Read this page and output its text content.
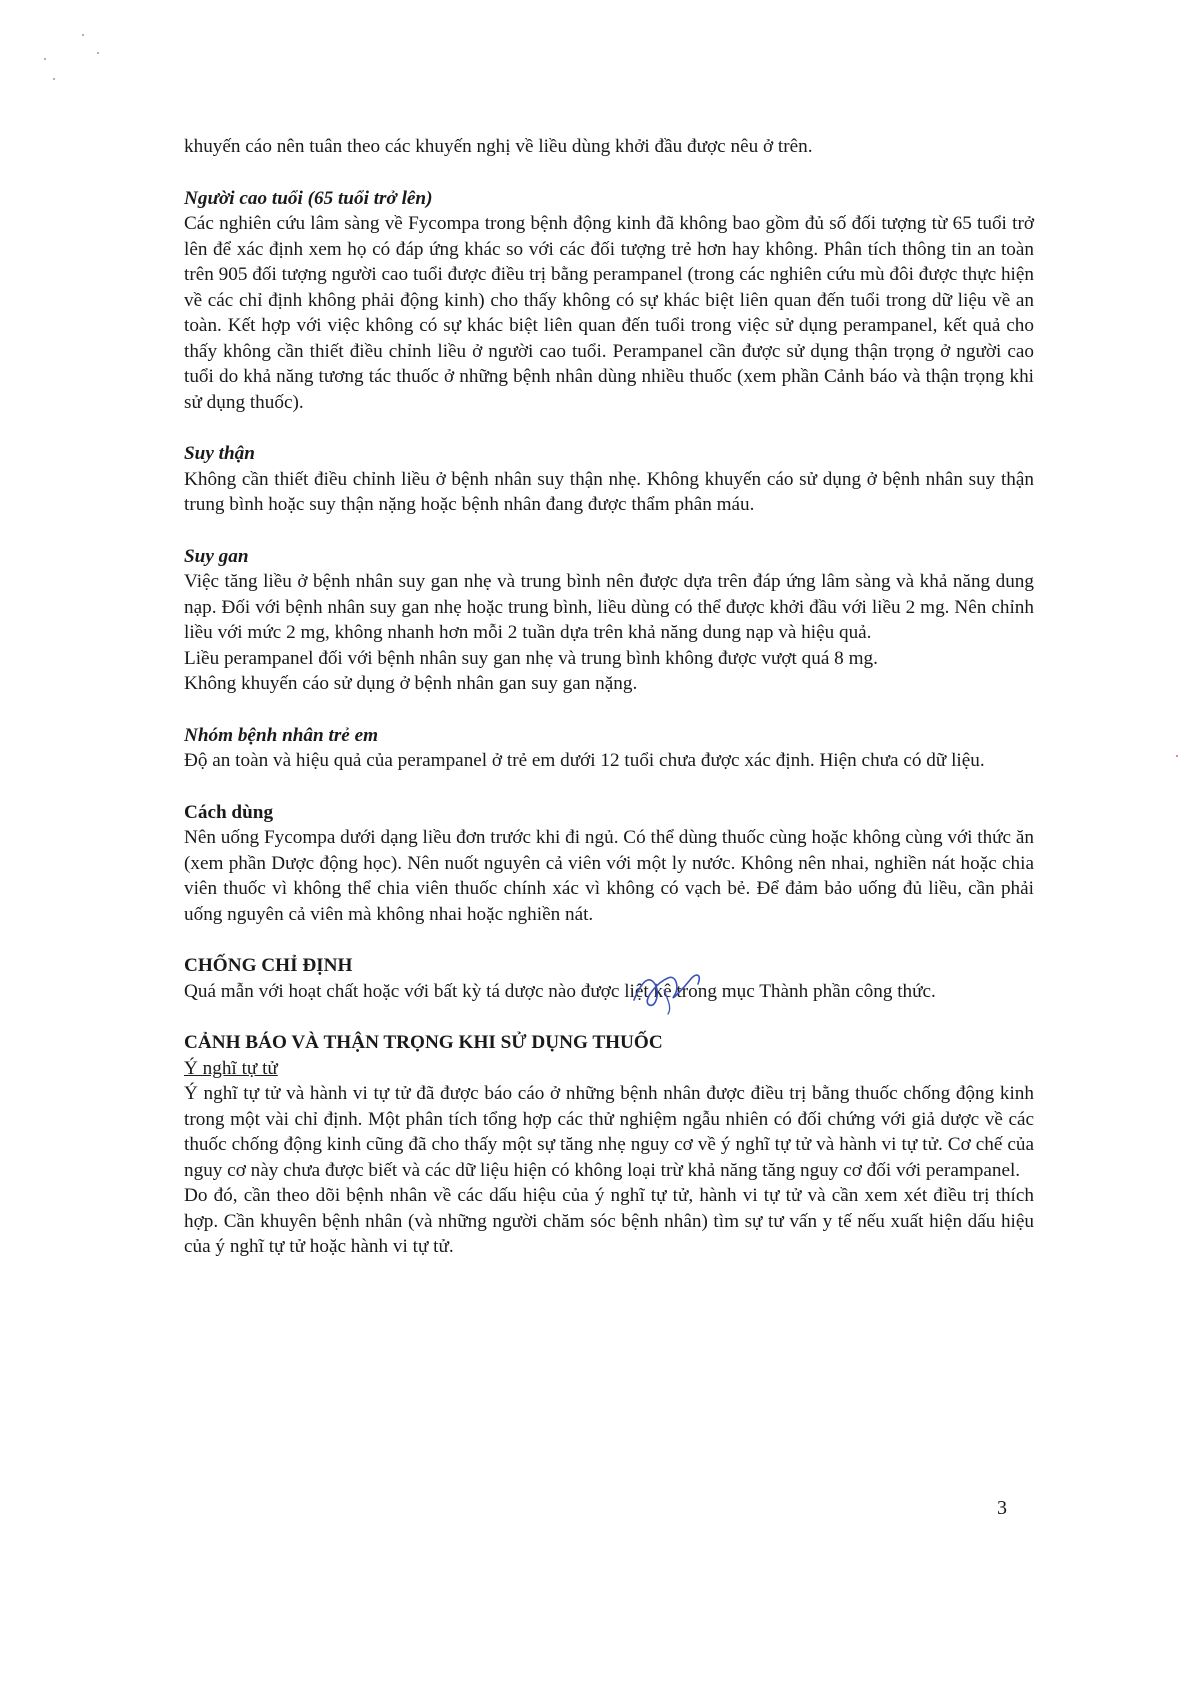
khuyến cáo nên tuân theo các khuyến nghị về liều dùng khởi đầu được nêu ở trên.

Người cao tuổi (65 tuổi trở lên)

Các nghiên cứu lâm sàng về Fycompa trong bệnh động kinh đã không bao gồm đủ số đối tượng từ 65 tuổi trở lên để xác định xem họ có đáp ứng khác so với các đối tượng trẻ hơn hay không. Phân tích thông tin an toàn trên 905 đối tượng người cao tuổi được điều trị bằng perampanel (trong các nghiên cứu mù đôi được thực hiện về các chỉ định không phải động kinh) cho thấy không có sự khác biệt liên quan đến tuổi trong dữ liệu về an toàn. Kết hợp với việc không có sự khác biệt liên quan đến tuổi trong việc sử dụng perampanel, kết quả cho thấy không cần thiết điều chỉnh liều ở người cao tuổi. Perampanel cần được sử dụng thận trọng ở người cao tuổi do khả năng tương tác thuốc ở những bệnh nhân dùng nhiều thuốc (xem phần Cảnh báo và thận trọng khi sử dụng thuốc).

Suy thận

Không cần thiết điều chỉnh liều ở bệnh nhân suy thận nhẹ. Không khuyến cáo sử dụng ở bệnh nhân suy thận trung bình hoặc suy thận nặng hoặc bệnh nhân đang được thẩm phân máu.

Suy gan

Việc tăng liều ở bệnh nhân suy gan nhẹ và trung bình nên được dựa trên đáp ứng lâm sàng và khả năng dung nạp. Đối với bệnh nhân suy gan nhẹ hoặc trung bình, liều dùng có thể được khởi đầu với liều 2 mg. Nên chỉnh liều với mức 2 mg, không nhanh hơn mỗi 2 tuần dựa trên khả năng dung nạp và hiệu quả.

Liều perampanel đối với bệnh nhân suy gan nhẹ và trung bình không được vượt quá 8 mg.

Không khuyến cáo sử dụng ở bệnh nhân gan suy gan nặng.

Nhóm bệnh nhân trẻ em

Độ an toàn và hiệu quả của perampanel ở trẻ em dưới 12 tuổi chưa được xác định. Hiện chưa có dữ liệu.

Cách dùng

Nên uống Fycompa dưới dạng liều đơn trước khi đi ngủ. Có thể dùng thuốc cùng hoặc không cùng với thức ăn (xem phần Dược động học). Nên nuốt nguyên cả viên với một ly nước. Không nên nhai, nghiền nát hoặc chia viên thuốc vì không thể chia viên thuốc chính xác vì không có vạch bẻ. Để đảm bảo uống đủ liều, cần phải uống nguyên cả viên mà không nhai hoặc nghiền nát.

CHỐNG CHỈ ĐỊNH

Quá mẫn với hoạt chất hoặc với bất kỳ tá dược nào được liệt kê trong mục Thành phần công thức.

CẢNH BÁO VÀ THẬN TRỌNG KHI SỬ DỤNG THUỐC

Ý nghĩ tự tử

Ý nghĩ tự tử và hành vi tự tử đã được báo cáo ở những bệnh nhân được điều trị bằng thuốc chống động kinh trong một vài chỉ định. Một phân tích tổng hợp các thử nghiệm ngẫu nhiên có đối chứng với giả dược về các thuốc chống động kinh cũng đã cho thấy một sự tăng nhẹ nguy cơ về ý nghĩ tự tử và hành vi tự tử. Cơ chế của nguy cơ này chưa được biết và các dữ liệu hiện có không loại trừ khả năng tăng nguy cơ đối với perampanel.

Do đó, cần theo dõi bệnh nhân về các dấu hiệu của ý nghĩ tự tử, hành vi tự tử và cần xem xét điều trị thích hợp. Cần khuyên bệnh nhân (và những người chăm sóc bệnh nhân) tìm sự tư vấn y tế nếu xuất hiện dấu hiệu của ý nghĩ tự tử hoặc hành vi tự tử.

3
